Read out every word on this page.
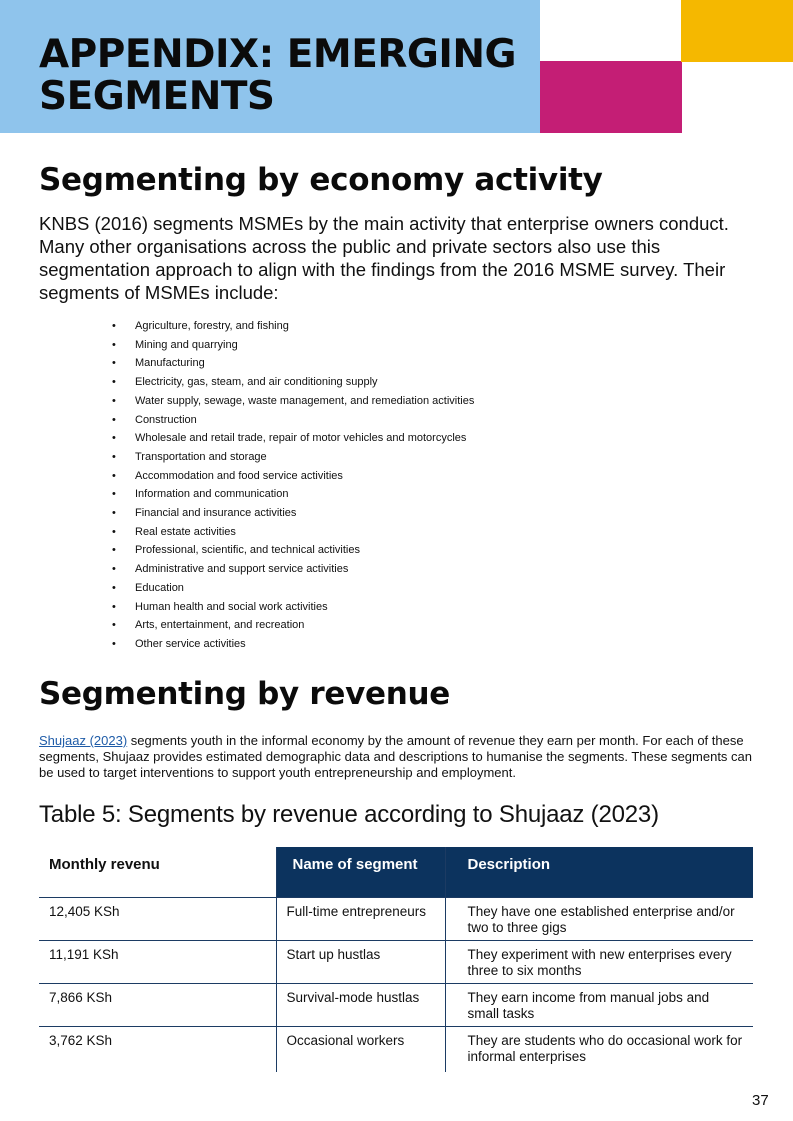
APPENDIX: EMERGING
SEGMENTS
Segmenting by economy activity

KNBS (2016) segments MSMEs by the main activity that enterprise owners conduct. Many other organisations across the public and private sectors also use this segmentation approach to align with the findings from the 2016 MSME survey. Their segments of MSMEs include:

• Agriculture, forestry, and fishing
• Mining and quarrying
• Manufacturing
• Electricity, gas, steam, and air conditioning supply
• Water supply, sewage, waste management, and remediation activities
• Construction
• Wholesale and retail trade, repair of motor vehicles and motorcycles
• Transportation and storage
• Accommodation and food service activities
• Information and communication
• Financial and insurance activities
• Real estate activities
• Professional, scientific, and technical activities
• Administrative and support service activities
• Education
• Human health and social work activities
• Arts, entertainment, and recreation
• Other service activities
Segmenting by revenue

Shujaaz (2023) segments youth in the informal economy by the amount of revenue they earn per month. For each of these segments, Shujaaz provides estimated demographic data and descriptions to humanise the segments. These segments can be used to target interventions to support youth entrepreneurship and employment.

Table 5: Segments by revenue according to Shujaaz (2023)
Monthly revenu	Name of segment	Description
12,405 KSh	Full-time entrepreneurs	They have one established enterprise and/or two to three gigs
11,191 KSh	Start up hustlas	They experiment with new enterprises every three to six months
7,866 KSh	Survival-mode hustlas	They earn income from manual jobs and small tasks
3,762 KSh	Occasional workers	They are students who do occasional work for informal enterprises
37
